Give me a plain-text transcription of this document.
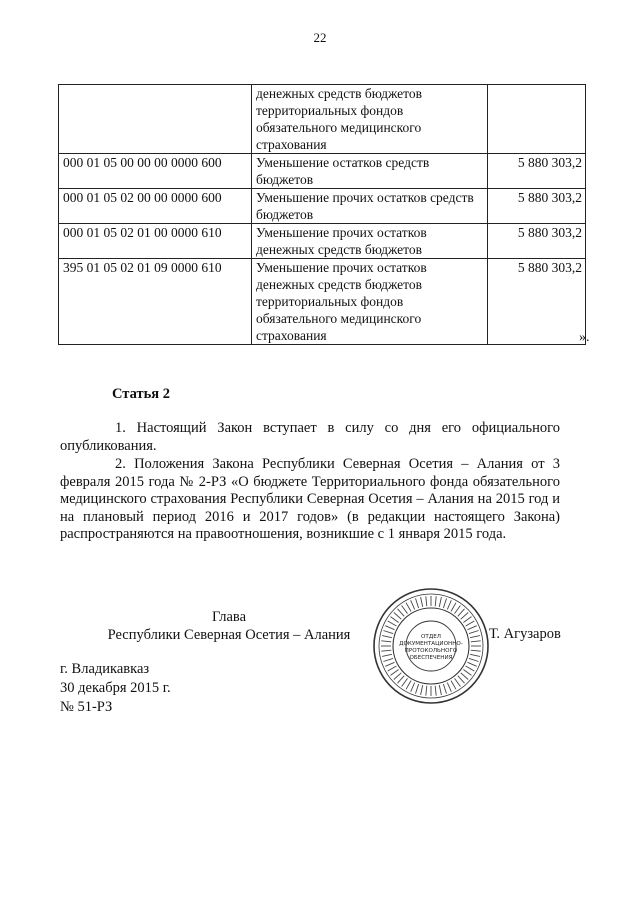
22
	денежных средств бюджетов территориальных фондов обязательного медицинского страхования	
000 01 05 00 00 00 0000 600	Уменьшение остатков средств бюджетов	5 880 303,2
000 01 05 02 00 00 0000 600	Уменьшение прочих остатков средств бюджетов	5 880 303,2
000 01 05 02 01 00 0000 610	Уменьшение прочих остатков денежных средств бюджетов	5 880 303,2
395 01 05 02 01 09 0000 610	Уменьшение прочих остатков денежных средств бюджетов территориальных фондов обязательного медицинского страхования	5 880 303,2
».
Статья 2
1. Настоящий Закон вступает в силу со дня его официального опубликования.
2. Положения Закона Республики Северная Осетия – Алания от 3 февраля 2015 года № 2-РЗ «О бюджете Территориального фонда обязательного медицинского страхования Республики Северная Осетия – Алания на 2015 год и на плановый период 2016 и 2017 годов» (в редакции настоящего Закона) распространяются на правоотношения, возникшие с 1 января 2015 года.
Глава
Республики Северная Осетия – Алания	ОТДЕЛ
ДОКУМЕНТАЦИОННО-
ПРОТОКОЛЬНОГО
ОБЕСПЕЧЕНИЯ
Т. Агузаров
г. Владикавказ
30 декабря 2015 г.
№ 51-РЗ
